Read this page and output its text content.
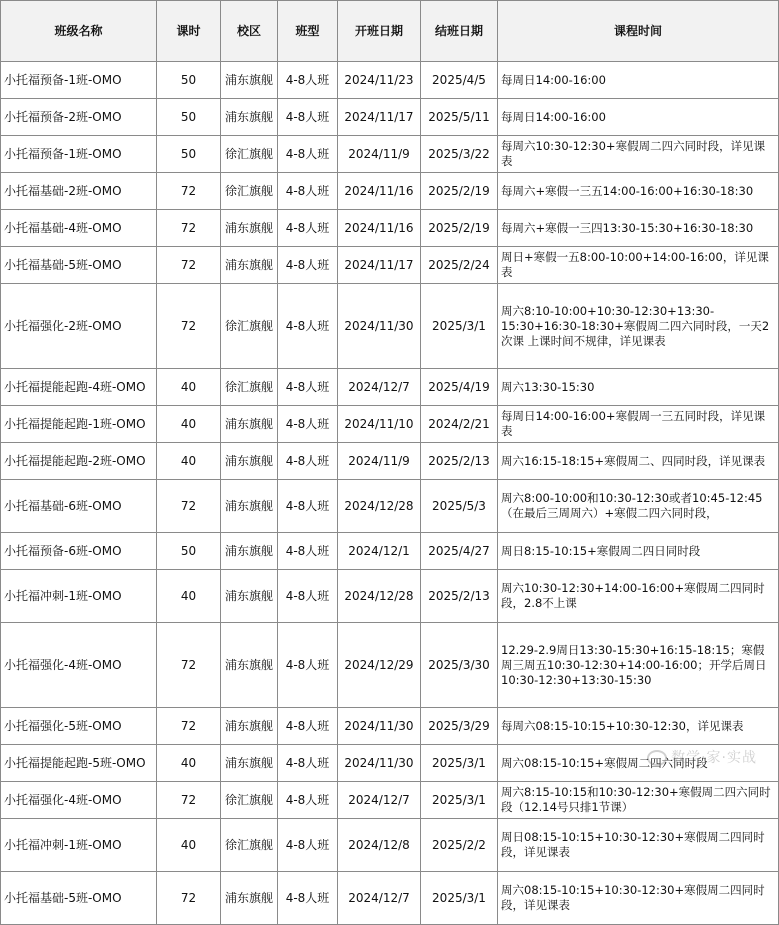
班级名称	课时	校区	班型	开班日期	结班日期	课程时间
小托福预备-1班-OMO	50	浦东旗舰	4-8人班	2024/11/23	2025/4/5	每周日14:00-16:00
小托福预备-2班-OMO	50	浦东旗舰	4-8人班	2024/11/17	2025/5/11	每周日14:00-16:00
小托福预备-1班-OMO	50	徐汇旗舰	4-8人班	2024/11/9	2025/3/22	每周六10:30-12:30+寒假周二四六同时段，详见课表
小托福基础-2班-OMO	72	徐汇旗舰	4-8人班	2024/11/16	2025/2/19	每周六+寒假一三五14:00-16:00+16:30-18:30
小托福基础-4班-OMO	72	浦东旗舰	4-8人班	2024/11/16	2025/2/19	每周六+寒假一三四13:30-15:30+16:30-18:30
小托福基础-5班-OMO	72	浦东旗舰	4-8人班	2024/11/17	2025/2/24	周日+寒假一五8:00-10:00+14:00-16:00，详见课表
小托福强化-2班-OMO	72	徐汇旗舰	4-8人班	2024/11/30	2025/3/1	周六8:10-10:00+10:30-12:30+13:30-15:30+16:30-18:30+寒假周二四六同时段，一天2次课 上课时间不规律，详见课表
小托福提能起跑-4班-OMO	40	徐汇旗舰	4-8人班	2024/12/7	2025/4/19	周六13:30-15:30
小托福提能起跑-1班-OMO	40	浦东旗舰	4-8人班	2024/11/10	2024/2/21	每周日14:00-16:00+寒假周一三五同时段，详见课表
小托福提能起跑-2班-OMO	40	浦东旗舰	4-8人班	2024/11/9	2025/2/13	周六16:15-18:15+寒假周二、四同时段，详见课表
小托福基础-6班-OMO	72	浦东旗舰	4-8人班	2024/12/28	2025/5/3	周六8:00-10:00和10:30-12:30或者10:45-12:45（在最后三周周六）+寒假二四六同时段，
小托福预备-6班-OMO	50	浦东旗舰	4-8人班	2024/12/1	2025/4/27	周日8:15-10:15+寒假周二四日同时段
小托福冲刺-1班-OMO	40	浦东旗舰	4-8人班	2024/12/28	2025/2/13	周六10:30-12:30+14:00-16:00+寒假周二四同时段，2.8不上课
小托福强化-4班-OMO	72	浦东旗舰	4-8人班	2024/12/29	2025/3/30	12.29-2.9周日13:30-15:30+16:15-18:15；寒假周三周五10:30-12:30+14:00-16:00；开学后周日10:30-12:30+13:30-15:30
小托福强化-5班-OMO	72	浦东旗舰	4-8人班	2024/11/30	2025/3/29	每周六08:15-10:15+10:30-12:30，详见课表
小托福提能起跑-5班-OMO	40	浦东旗舰	4-8人班	2024/11/30	2025/3/1	周六08:15-10:15+寒假周二四六同时段
小托福强化-4班-OMO	72	徐汇旗舰	4-8人班	2024/12/7	2025/3/1	周六8:15-10:15和10:30-12:30+寒假周二四六同时段（12.14号只排1节课）
小托福冲刺-1班-OMO	40	徐汇旗舰	4-8人班	2024/12/8	2025/2/2	周日08:15-10:15+10:30-12:30+寒假周二四同时段，详见课表
小托福基础-5班-OMO	72	浦东旗舰	4-8人班	2024/12/7	2025/3/1	周六08:15-10:15+10:30-12:30+寒假周二四同时段，详见课表
数学·家·实战
